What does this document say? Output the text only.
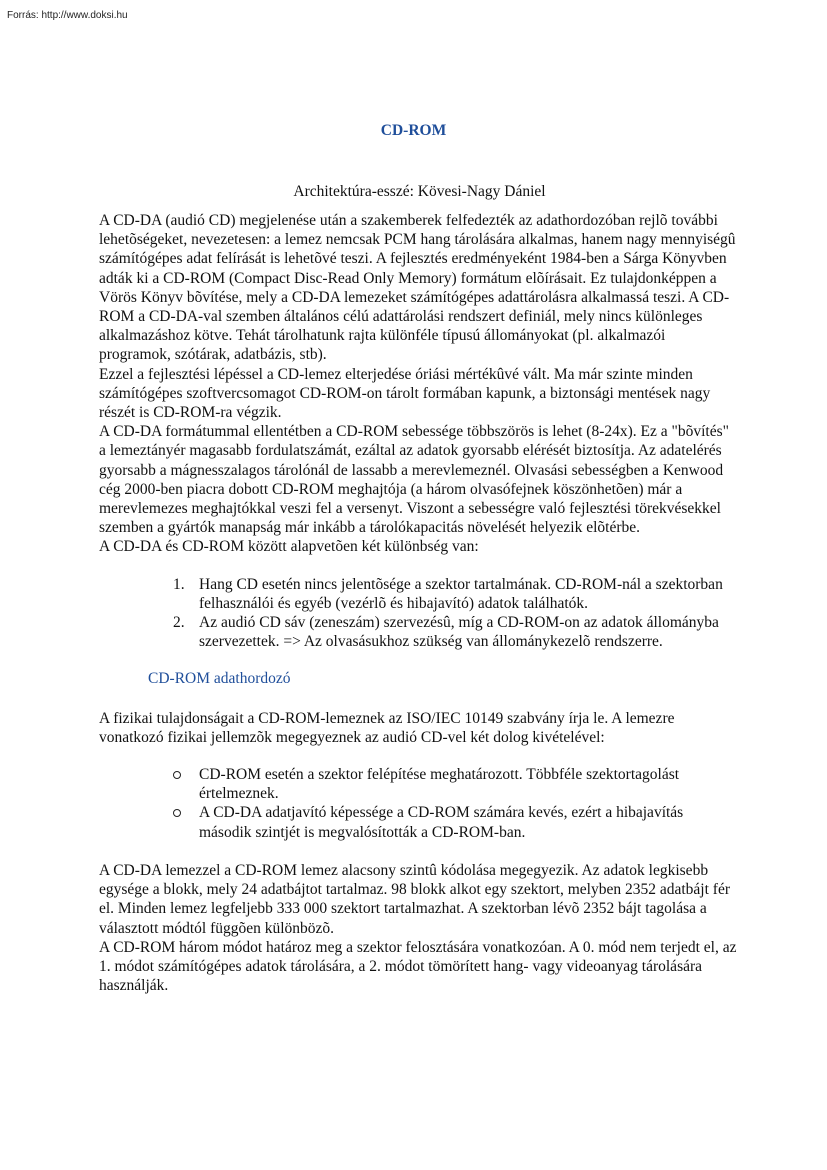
Forrás: http://www.doksi.hu
CD-ROM
Architektúra-esszé: Kövesi-Nagy Dániel

A CD-DA (audió CD) megjelenése után a szakemberek felfedezték az adathordozóban rejlõ további lehetõségeket, nevezetesen: a lemez nemcsak PCM hang tárolására alkalmas, hanem nagy mennyiségû számítógépes adat felírását is lehetõvé teszi. A fejlesztés eredményeként 1984-ben a Sárga Könyvben adták ki a CD-ROM (Compact Disc-Read Only Memory) formátum elõírásait. Ez tulajdonképpen a Vörös Könyv bõvítése, mely a CD-DA lemezeket számítógépes adattárolásra alkalmassá teszi. A CD-ROM a CD-DA-val szemben általános célú adattárolási rendszert definiál, mely nincs különleges alkalmazáshoz kötve. Tehát tárolhatunk rajta különféle típusú állományokat (pl. alkalmazói programok, szótárak, adatbázis, stb).

Ezzel a fejlesztési lépéssel a CD-lemez elterjedése óriási mértékûvé vált. Ma már szinte minden számítógépes szoftvercsomagot CD-ROM-on tárolt formában kapunk, a biztonsági mentések nagy részét is CD-ROM-ra végzik.

A CD-DA formátummal ellentétben a CD-ROM sebessége többszörös is lehet (8-24x). Ez a "bõvítés" a lemeztányér magasabb fordulatszámát, ezáltal az adatok gyorsabb elérését biztosítja. Az adatelérés gyorsabb a mágnesszalagos tárolónál de lassabb a merevlemeznél. Olvasási sebességben a Kenwood cég 2000-ben piacra dobott CD-ROM meghajtója (a három olvasófejnek köszönhetõen) már a merevlemezes meghajtókkal veszi fel a versenyt. Viszont a sebességre való fejlesztési törekvésekkel szemben a gyártók manapság már inkább a tárolókapacitás növelését helyezik elõtérbe.

A CD-DA és CD-ROM között alapvetõen két különbség van:

1. Hang CD esetén nincs jelentõsége a szektor tartalmának. CD-ROM-nál a szektorban felhasználói és egyéb (vezérlõ és hibajavító) adatok találhatók.
2. Az audió CD sáv (zeneszám) szervezésû, míg a CD-ROM-on az adatok állományba szervezettek. => Az olvasásukhoz szükség van állománykezelõ rendszerre.
CD-ROM adathordozó

A fizikai tulajdonságait a CD-ROM-lemeznek az ISO/IEC 10149 szabvány írja le. A lemezre vonatkozó fizikai jellemzõk megegyeznek az audió CD-vel két dolog kivételével:

CD-ROM esetén a szektor felépítése meghatározott. Többféle szektortagolást értelmeznek.
A CD-DA adatjavító képessége a CD-ROM számára kevés, ezért a hibajavítás második szintjét is megvalósították a CD-ROM-ban.

A CD-DA lemezzel a CD-ROM lemez alacsony szintû kódolása megegyezik. Az adatok legkisebb egysége a blokk, mely 24 adatbájtot tartalmaz. 98 blokk alkot egy szektort, melyben 2352 adatbájt fér el. Minden lemez legfeljebb 333 000 szektort tartalmazhat. A szektorban lévõ 2352 bájt tagolása a választott módtól függõen különbözõ.

A CD-ROM három módot határoz meg a szektor felosztására vonatkozóan. A 0. mód nem terjedt el, az 1. módot számítógépes adatok tárolására, a 2. módot tömörített hang- vagy videoanyag tárolására használják.
